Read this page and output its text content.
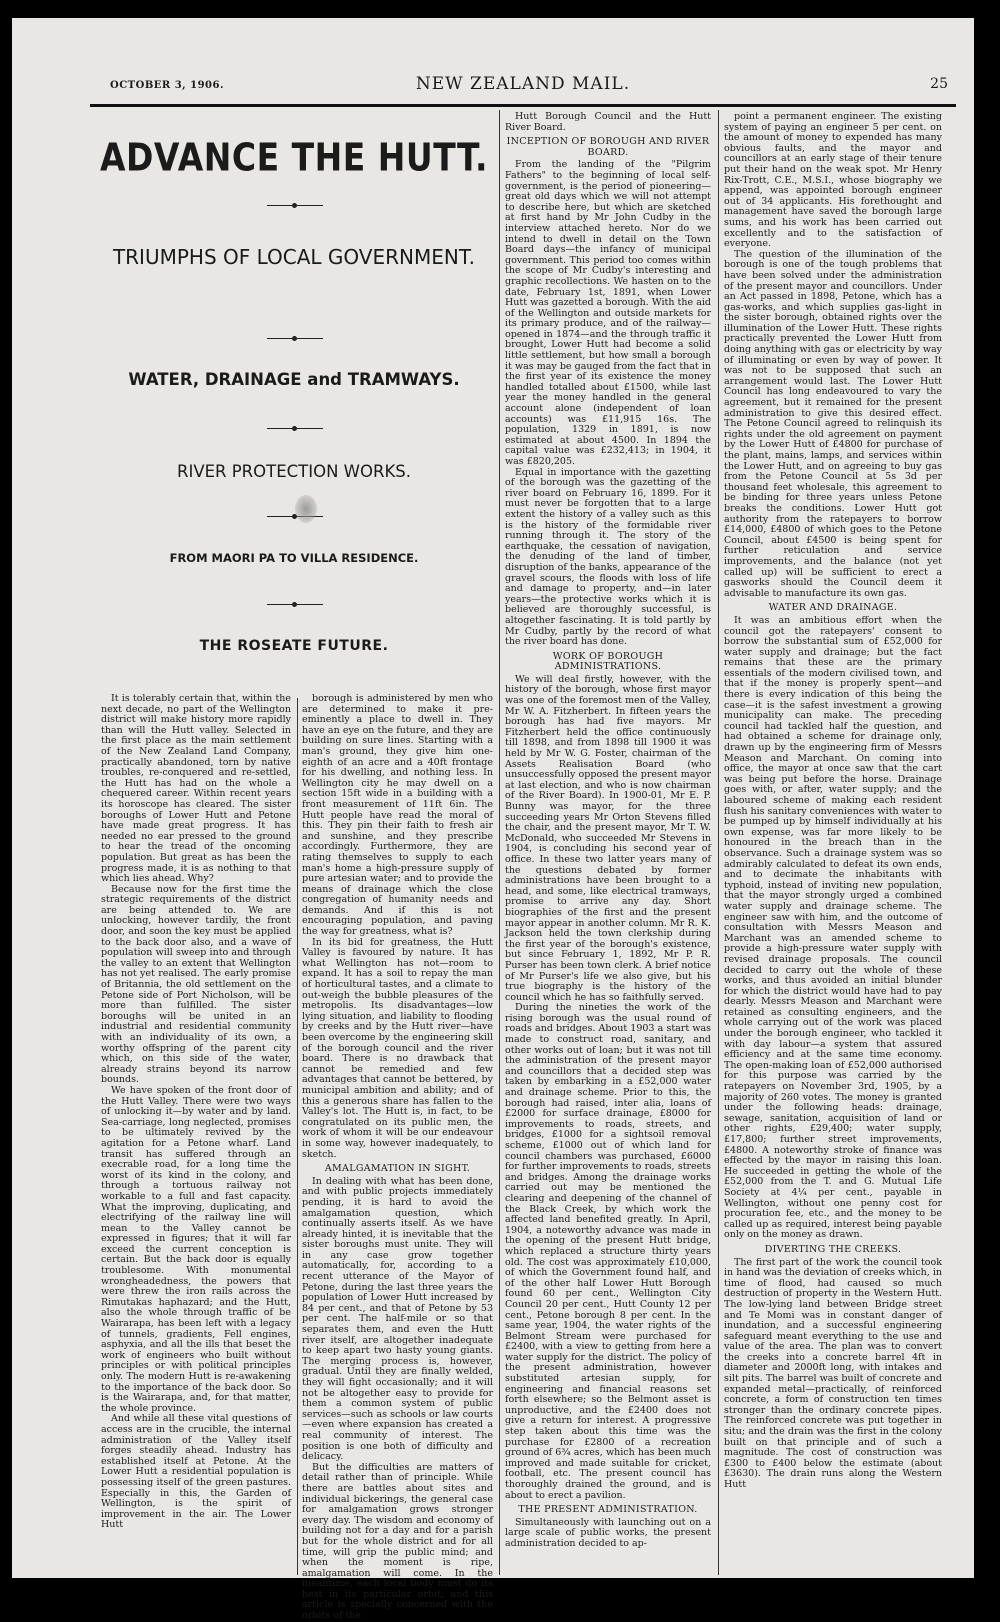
OCTOBER 3, 1906.	NEW ZEALAND MAIL.	25
ADVANCE THE HUTT.
TRIUMPHS OF LOCAL GOVERNMENT.
WATER, DRAINAGE and TRAMWAYS.
RIVER PROTECTION WORKS.
FROM MAORI PA TO VILLA RESIDENCE.
THE ROSEATE FUTURE.

It is tolerably certain that, within the next decade, no part of the Wellington district will make history more rapidly than will the Hutt valley. Selected in the first place as the main settlement of the New Zealand Land Company, practically abandoned, torn by native troubles, re-conquered and re-settled, the Hutt has had on the whole a chequered career. Within recent years its horoscope has cleared. The sister boroughs of Lower Hutt and Petone have made great progress. It has needed no ear pressed to the ground to hear the tread of the oncoming population. But great as has been the progress made, it is as nothing to that which lies ahead. Why?

Because now for the first time the strategic requirements of the district are being attended to. We are unlocking, however tardily, the front door, and soon the key must be applied to the back door also, and a wave of population will sweep into and through the valley to an extent that Wellington has not yet realised. The early promise of Britannia, the old settlement on the Petone side of Port Nicholson, will be more than fulfilled. The sister boroughs will be united in an industrial and residential community with an individuality of its own, a worthy offspring of the parent city which, on this side of the water, already strains beyond its narrow bounds.

We have spoken of the front door of the Hutt Valley. There were two ways of unlocking it—by water and by land. Sea-carriage, long neglected, promises to be ultimately revived by the agitation for a Petone wharf. Land transit has suffered through an execrable road, for a long time the worst of its kind in the colony, and through a tortuous railway not workable to a full and fast capacity. What the improving, duplicating, and electrifying of the railway line will mean to the Valley cannot be expressed in figures; that it will far exceed the current conception is certain. But the back door is equally troublesome. With monumental wrongheadedness, the powers that were threw the iron rails across the Rimutakas haphazard; and the Hutt, also the whole through traffic of be Wairarapa, has been left with a legacy of tunnels, gradients, Fell engines, asphyxia, and all the ills that beset the work of engineers who built without principles or with political principles only. The modern Hutt is re-awakening to the importance of the back door. So is the Wairarapa, and, for that matter, the whole province.

And while all these vital questions of access are in the crucible, the internal administration of the Valley itself forges steadily ahead. Industry has established itself at Petone. At the Lower Hutt a residential population is possessing itself of the green pastures. Especially in this, the Garden of Wellington, is the spirit of improvement in the air. The Lower Hutt

borough is administered by men who are determined to make it pre-eminently a place to dwell in. They have an eye on the future, and they are building on sure lines. Starting with a man's ground, they give him one-eighth of an acre and a 40ft frontage for his dwelling, and nothing less. In Wellington city he may dwell on a section 15ft wide in a building with a front measurement of 11ft 6in. The Hutt people have read the moral of this. They pin their faith to fresh air and sunshine, and they prescribe accordingly. Furthermore, they are rating themselves to supply to each man's home a high-pressure supply of pure artesian water; and to provide the means of drainage which the close congregation of humanity needs and demands. And if this is not encouraging population, and paving the way for greatness, what is?

In its bid for greatness, the Hutt Valley is favoured by nature. It has what Wellington has not—room to expand. It has a soil to repay the man of horticultural tastes, and a climate to out-weigh the bubble pleasures of the metropolis. Its disadvantages—low lying situation, and liability to flooding by creeks and by the Hutt river—have been overcome by the engineering skill of the borough council and the river board. There is no drawback that cannot be remedied and few advantages that cannot be bettered, by municipal ambition and ability; and of this a generous share has fallen to the Valley's lot. The Hutt is, in fact, to be congratulated on its public men, the work of whom it will be our endeavour in some way, however inadequately, to sketch.

AMALGAMATION IN SIGHT.

In dealing with what has been done, and with public projects immediately pending, it is hard to avoid the amalgamation question, which continually asserts itself. As we have already hinted, it is inevitable that the sister boroughs must unite. They will in any case grow together automatically, for, according to a recent utterance of the Mayor of Petone, during the last three years the population of Lower Hutt increased by 84 per cent., and that of Petone by 53 per cent. The half-mile or so that separates them, and even the Hutt river itself, are altogether inadequate to keep apart two hasty young giants. The merging process is, however, gradual. Until they are finally welded, they will fight occasionally; and it will not be altogether easy to provide for them a common system of public services—such as schools or law courts—even where expansion has created a real community of interest. The position is one both of difficulty and delicacy.

But the difficulties are matters of detail rather than of principle. While there are battles about sites and individual bickerings, the general case for amalgamation grows stronger every day. The wisdom and economy of building not for a day and for a parish but for the whole district and for all time, will grip the public mind; and when the moment is ripe, amalgamation will come. In the meantime, each local body must do its best in its particular orbit; and this article is specially concerned with the orbits of the

Hutt Borough Council and the Hutt River Board.

INCEPTION OF BOROUGH AND RIVER BOARD.

From the landing of the "Pilgrim Fathers" to the beginning of local self-government, is the period of pioneering—great old days which we will not attempt to describe here, but which are sketched at first hand by Mr John Cudby in the interview attached hereto. Nor do we intend to dwell in detail on the Town Board days—the infancy of municipal government. This period too comes within the scope of Mr Cudby's interesting and graphic recollections. We hasten on to the date, February 1st, 1891, when Lower Hutt was gazetted a borough. With the aid of the Wellington and outside markets for its primary produce, and of the railway—opened in 1874—and the through traffic it brought, Lower Hutt had become a solid little settlement, but how small a borough it was may be gauged from the fact that in the first year of its existence the money handled totalled about £1500, while last year the money handled in the general account alone (independent of loan accounts) was £11,915 16s. The population, 1329 in 1891, is now estimated at about 4500. In 1894 the capital value was £232,413; in 1904, it was £820,205.

Equal in importance with the gazetting of the borough was the gazetting of the river board on February 16, 1899. For it must never be forgotten that to a large extent the history of a valley such as this is the history of the formidable river running through it. The story of the earthquake, the cessation of navigation, the denuding of the land of timber, disruption of the banks, appearance of the gravel scours, the floods with loss of life and damage to property, and—in later years—the protective works which it is believed are thoroughly successful, is altogether fascinating. It is told partly by Mr Cudby, partly by the record of what the river board has done.

WORK OF BOROUGH ADMINISTRATIONS.

We will deal firstly, however, with the history of the borough, whose first mayor was one of the foremost men of the Valley, Mr W. A. Fitzherbert. In fifteen years the borough has had five mayors. Mr Fitzherbert held the office continuously till 1898, and from 1898 till 1900 it was held by Mr W. G. Foster, chairman of the Assets Realisation Board (who unsuccessfully opposed the present mayor at last election, and who is now chairman of the River Board). In 1900-01, Mr E. P. Bunny was mayor, for the three succeeding years Mr Orton Stevens filled the chair, and the present mayor, Mr T. W. McDonald, who succeeded Mr Stevens in 1904, is concluding his second year of office. In these two latter years many of the questions debated by former administrations have been brought to a head, and some, like electrical tramways, promise to arrive any day. Short biographies of the first and the present mayor appear in another column. Mr R. K. Jackson held the town clerkship during the first year of the borough's existence, but since February 1, 1892, Mr P. R. Purser has been town clerk. A brief notice of Mr Purser's life we also give, but his true biography is the history of the council which he has so faithfully served.

During the nineties the work of the rising borough was the usual round of roads and bridges. About 1903 a start was made to construct road, sanitary, and other works out of loan; but it was not till the administration of the present mayor and councillors that a decided step was taken by embarking in a £52,000 water and drainage scheme. Prior to this, the borough had raised, inter alia, loans of £2000 for surface drainage, £8000 for improvements to roads, streets, and bridges, £1000 for a sightsoil removal scheme, £1000 out of which land for council chambers was purchased, £6000 for further improvements to roads, streets and bridges. Among the drainage works carried out may be mentioned the clearing and deepening of the channel of the Black Creek, by which work the affected land benefited greatly. In April, 1904, a noteworthy advance was made in the opening of the present Hutt bridge, which replaced a structure thirty years old. The cost was approximately £10,000, of which the Government found half, and of the other half Lower Hutt Borough found 60 per cent., Wellington City Council 20 per cent., Hutt County 12 per cent., Petone borough 8 per cent. In the same year, 1904, the water rights of the Belmont Stream were purchased for £2400, with a view to getting from here a water supply for the district. The policy of the present administration, however substituted artesian supply, for engineering and financial reasons set forth elsewhere; so the Belmont asset is unproductive, and the £2400 does not give a return for interest. A progressive step taken about this time was the purchase for £2800 of a recreation ground of 6¾ acres, which has been much improved and made suitable for cricket, football, etc. The present council has thoroughly drained the ground, and is about to erect a pavilion.

THE PRESENT ADMINISTRATION.

Simultaneously with launching out on a large scale of public works, the present administration decided to ap-

point a permanent engineer. The existing system of paying an engineer 5 per cent. on the amount of money to expended has many obvious faults, and the mayor and councillors at an early stage of their tenure put their hand on the weak spot. Mr Henry Rix-Trott, C.E., M.S.I., whose biography we append, was appointed borough engineer out of 34 applicants. His forethought and management have saved the borough large sums, and his work has been carried out excellently and to the satisfaction of everyone.

The question of the illumination of the borough is one of the tough problems that have been solved under the administration of the present mayor and councillors. Under an Act passed in 1898, Petone, which has a gas-works, and which supplies gas-light in the sister borough, obtained rights over the illumination of the Lower Hutt. These rights practically prevented the Lower Hutt from doing anything with gas or electricity by way of illuminating or even by way of power. It was not to be supposed that such an arrangement would last. The Lower Hutt Council has long endeavoured to vary the agreement, but it remained for the present administration to give this desired effect. The Petone Council agreed to relinquish its rights under the old agreement on payment by the Lower Hutt of £4800 for purchase of the plant, mains, lamps, and services within the Lower Hutt, and on agreeing to buy gas from the Petone Council at 5s 3d per thousand feet wholesale, this agreement to be binding for three years unless Petone breaks the conditions. Lower Hutt got authority from the ratepayers to borrow £14,000, £4800 of which goes to the Petone Council, about £4500 is being spent for further reticulation and service improvements, and the balance (not yet called up) will be sufficient to erect a gasworks should the Council deem it advisable to manufacture its own gas.

WATER AND DRAINAGE.

It was an ambitious effort when the council got the ratepayers' consent to borrow the substantial sum of £52,000 for water supply and drainage; but the fact remains that these are the primary essentials of the modern civilised town, and that if the money is properly spent—and there is every indication of this being the case—it is the safest investment a growing municipality can make. The preceding council had tackled half the question, and had obtained a scheme for drainage only, drawn up by the engineering firm of Messrs Meason and Marchant. On coming into office, the mayor at once saw that the cart was being put before the horse. Drainage goes with, or after, water supply; and the laboured scheme of making each resident flush his sanitary conveniences with water to be pumped up by himself individually at his own expense, was far more likely to be honoured in the breach than in the observance. Such a drainage system was so admirably calculated to defeat its own ends, and to decimate the inhabitants with typhoid, instead of inviting new population, that the mayor strongly urged a combined water supply and drainage scheme. The engineer saw with him, and the outcome of consultation with Messrs Meason and Marchant was an amended scheme to provide a high-pressure water supply with revised drainage proposals. The council decided to carry out the whole of these works, and thus avoided an initial blunder for which the district would have had to pay dearly. Messrs Meason and Marchant were retained as consulting engineers, and the whole carrying out of the work was placed under the borough engineer, who tackled it with day labour—a system that assured efficiency and at the same time economy. The open-making loan of £52,000 authorised for this purpose was carried by the ratepayers on November 3rd, 1905, by a majority of 260 votes. The money is granted under the following heads: drainage, sewage, sanitation, acquisition of land or other rights, £29,400; water supply, £17,800; further street improvements, £4800. A noteworthy stroke of finance was effected by the mayor in raising this loan. He succeeded in getting the whole of the £52,000 from the T. and G. Mutual Life Society at 4¼ per cent., payable in Wellington, without one penny cost for procuration fee, etc., and the money to be called up as required, interest being payable only on the money as drawn.

DIVERTING THE CREEKS.

The first part of the work the council took in hand was the deviation of creeks which, in time of flood, had caused so much destruction of property in the Western Hutt. The low-lying land between Bridge street and Te Momi was in constant danger of inundation, and a successful engineering safeguard meant everything to the use and value of the area. The plan was to convert the creeks into a concrete barrel 4ft in diameter and 2000ft long, with intakes and silt pits. The barrel was built of concrete and expanded metal—practically, of reinforced concrete, a form of construction ten times stronger than the ordinary concrete pipes. The reinforced concrete was put together in situ; and the drain was the first in the colony built on that principle and of such a magnitude. The cost of construction was £300 to £400 below the estimate (about £3630). The drain runs along the Western Hutt
